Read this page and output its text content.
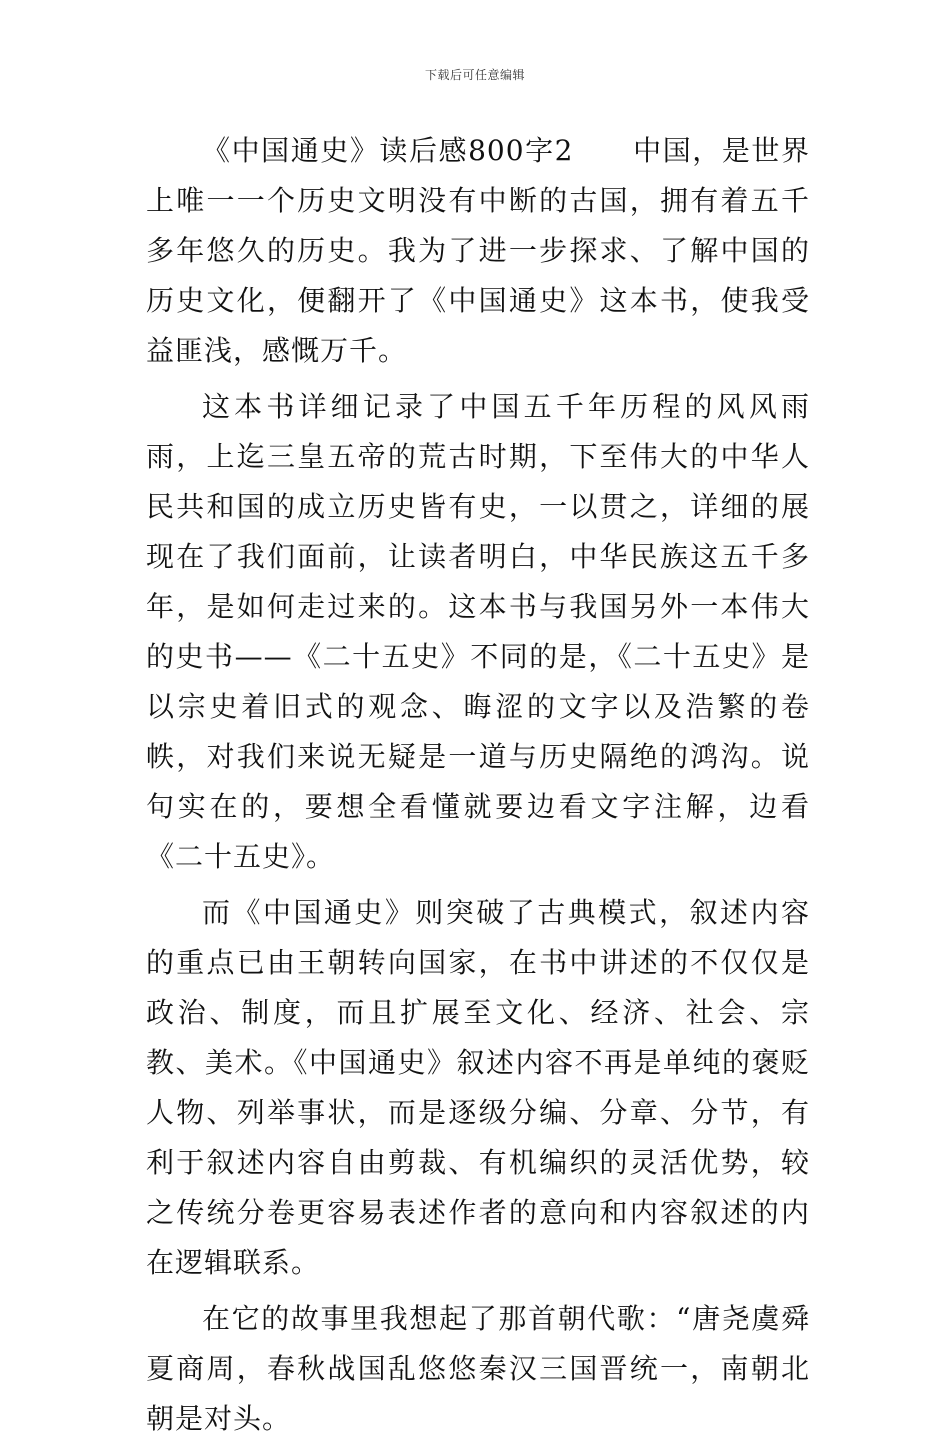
下载后可任意编辑

《中国通史》读后感800字2　　中国，是世界上唯一一个历史文明没有中断的古国，拥有着五千多年悠久的历史。我为了进一步探求、了解中国的历史文化，便翻开了《中国通史》这本书，使我受益匪浅，感慨万千。

这本书详细记录了中国五千年历程的风风雨雨，上迄三皇五帝的荒古时期，下至伟大的中华人民共和国的成立历史皆有史，一以贯之，详细的展现在了我们面前，让读者明白，中华民族这五千多年，是如何走过来的。这本书与我国另外一本伟大的史书——《二十五史》不同的是，《二十五史》是以宗史着旧式的观念、晦涩的文字以及浩繁的卷帙，对我们来说无疑是一道与历史隔绝的鸿沟。说句实在的，要想全看懂就要边看文字注解，边看《二十五史》。

而《中国通史》则突破了古典模式，叙述内容的重点已由王朝转向国家，在书中讲述的不仅仅是政治、制度，而且扩展至文化、经济、社会、宗教、美术。《中国通史》叙述内容不再是单纯的褒贬人物、列举事状，而是逐级分编、分章、分节，有利于叙述内容自由剪裁、有机编织的灵活优势，较之传统分卷更容易表述作者的意向和内容叙述的内在逻辑联系。

在它的故事里我想起了那首朝代歌：“唐尧虞舜夏商周，春秋战国乱悠悠秦汉三国晋统一，南朝北朝是对头。
